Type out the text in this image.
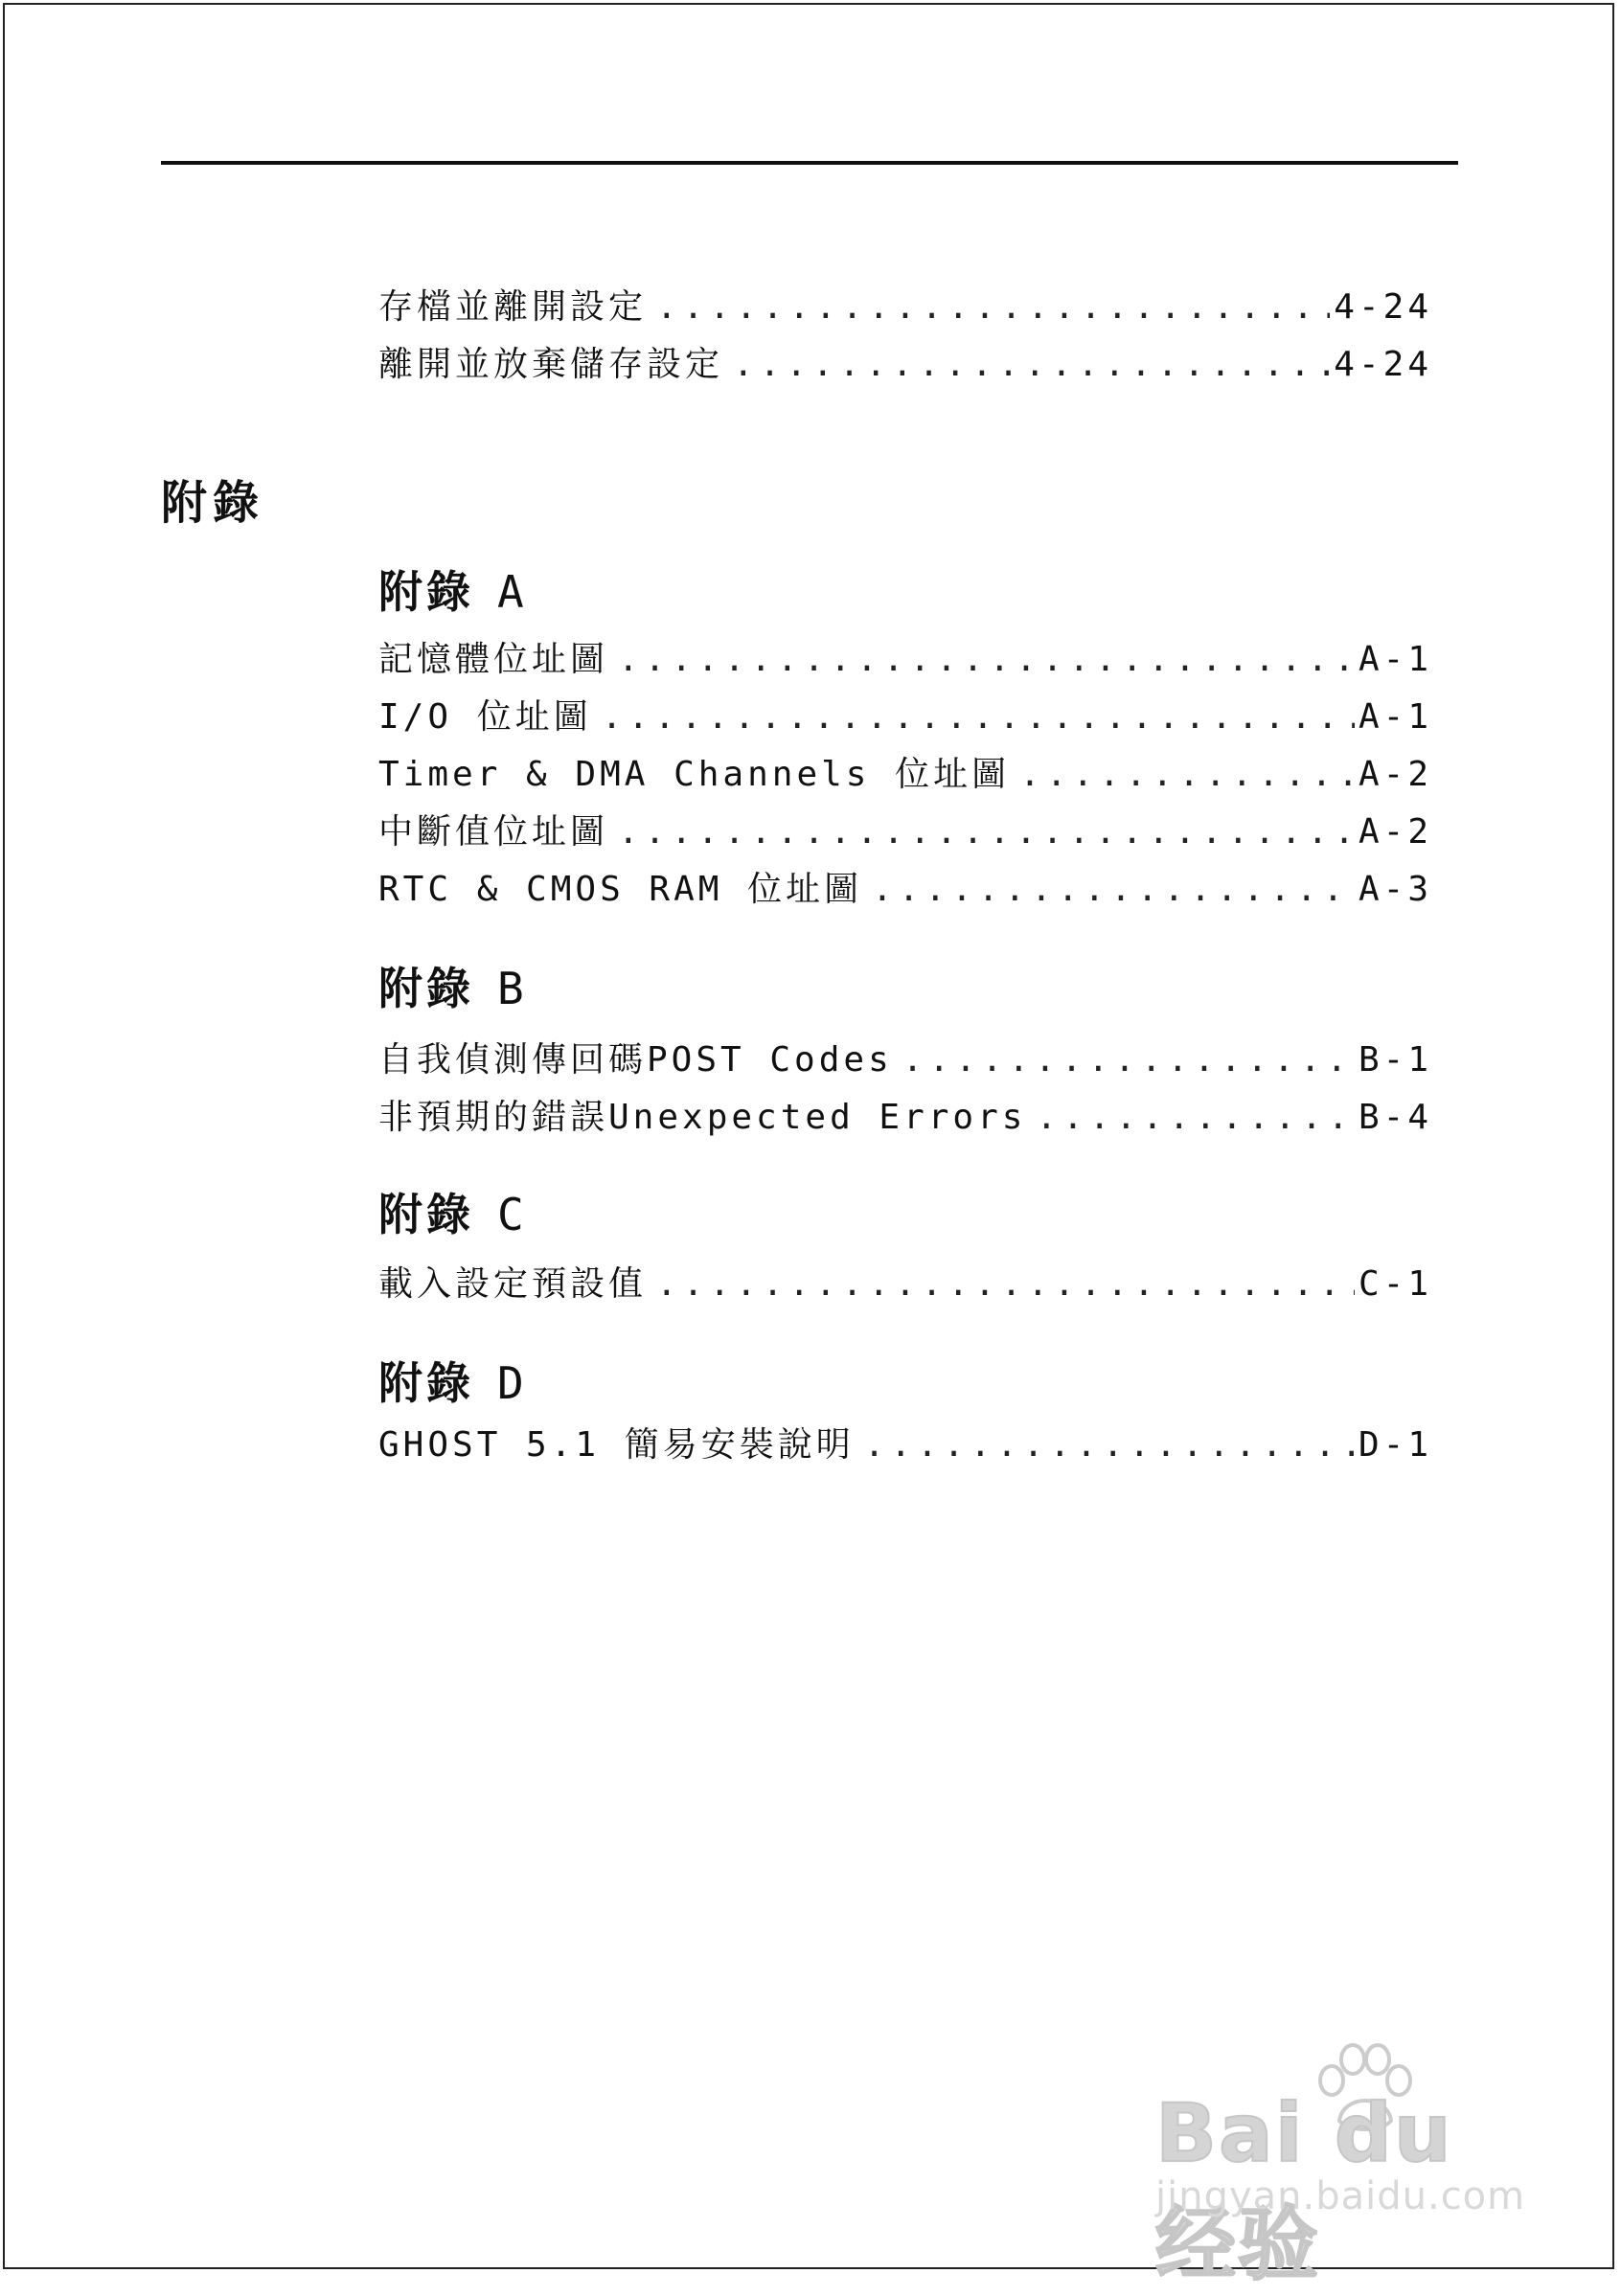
存檔並離開設定 .....	4-24
離開並放棄儲存設定 .....	4-24
附錄
附錄 A
記憶體位址圖 .....	A-1
I/O 位址圖 .....	A-1
Timer & DMA Channels 位址圖 .....	A-2
中斷值位址圖 .....	A-2
RTC & CMOS RAM 位址圖 .....	A-3
附錄 B
自我偵測傳回碼POST Codes .....	B-1
非預期的錯誤Unexpected Errors .....	B-4
附錄 C
載入設定預設值 .....	C-1
附錄 D
GHOST 5.1 簡易安裝說明 .....	D-1
Bai du 经验
jingyan.baidu.com
